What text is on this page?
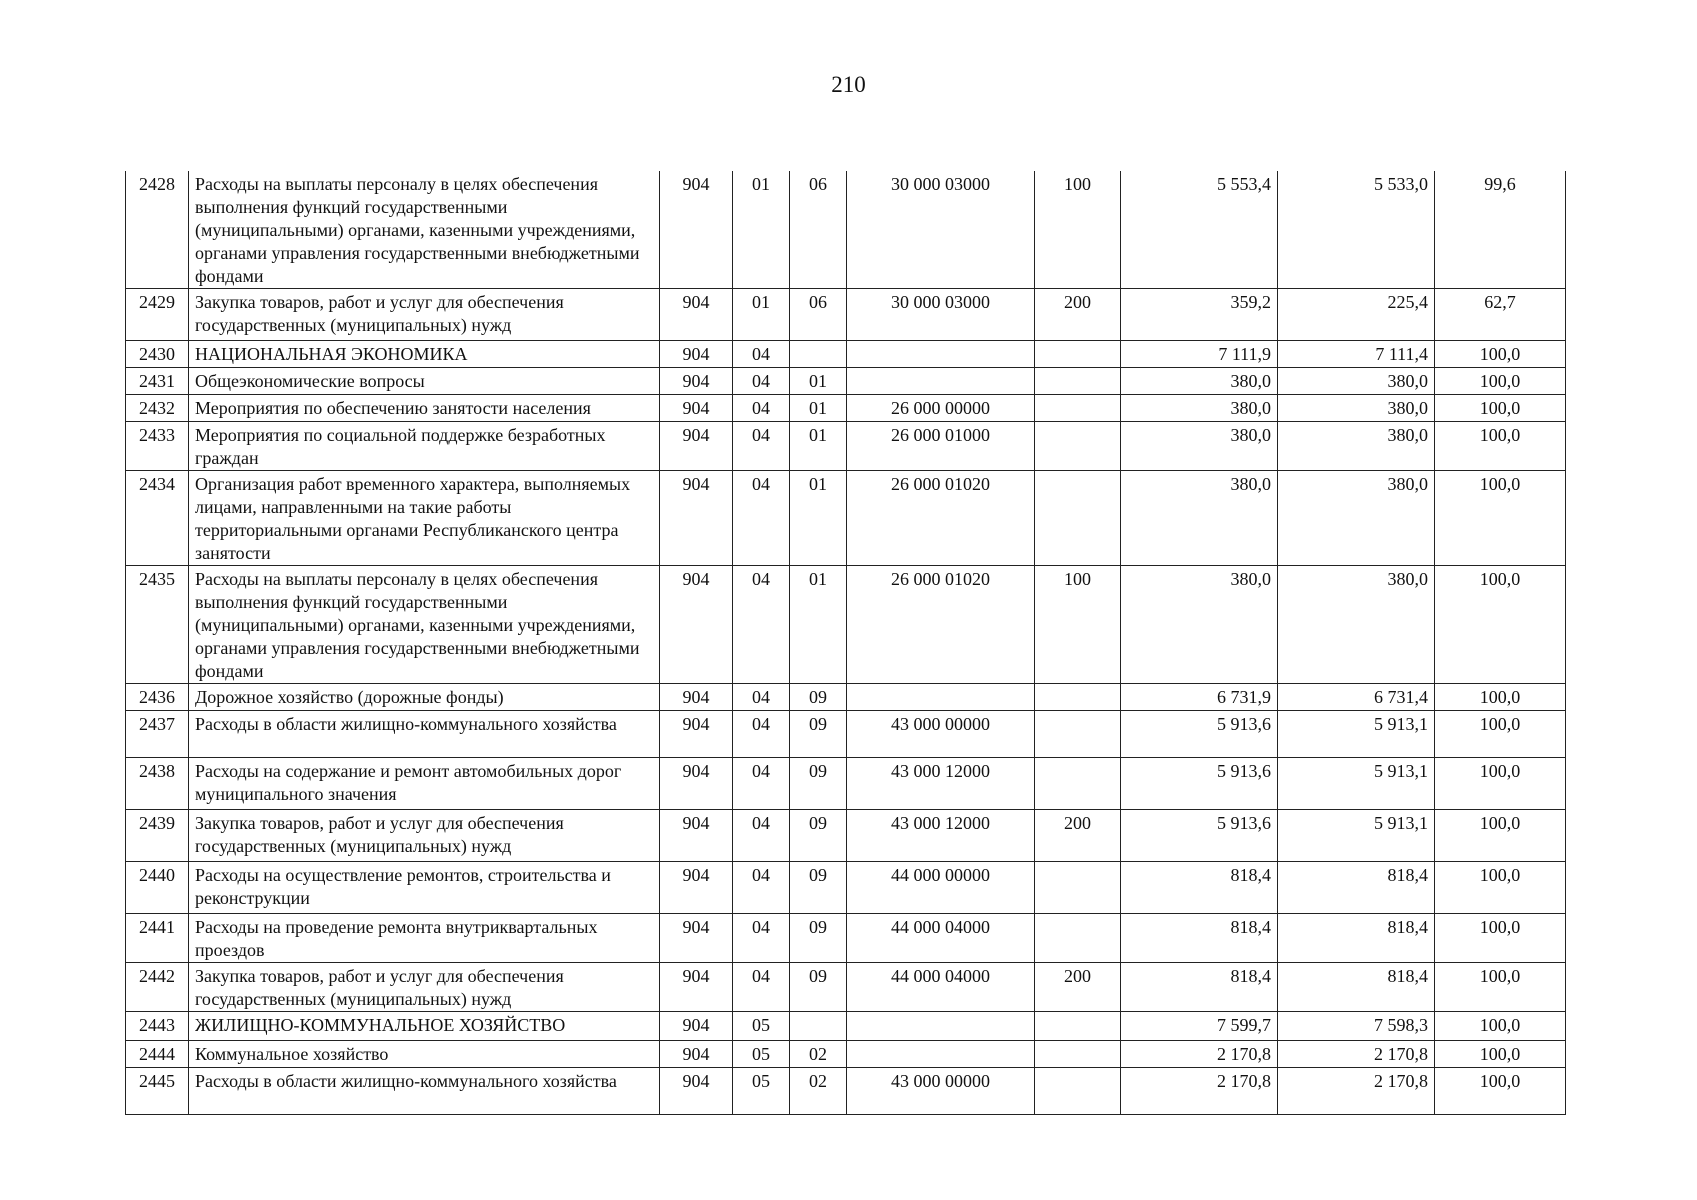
210
2428	Расходы на выплаты персоналу в целях обеспечения выполнения функций государственными (муниципальными) органами, казенными учреждениями, органами управления государственными внебюджетными фондами	904	01	06	30 000 03000	100	5 553,4	5 533,0	99,6
2429	Закупка товаров, работ и услуг для обеспечения государственных (муниципальных) нужд	904	01	06	30 000 03000	200	359,2	225,4	62,7
2430	НАЦИОНАЛЬНАЯ ЭКОНОМИКА	904	04				7 111,9	7 111,4	100,0
2431	Общеэкономические вопросы	904	04	01			380,0	380,0	100,0
2432	Мероприятия по обеспечению занятости населения	904	04	01	26 000 00000		380,0	380,0	100,0
2433	Мероприятия по социальной поддержке безработных граждан	904	04	01	26 000 01000		380,0	380,0	100,0
2434	Организация работ временного характера, выполняемых лицами, направленными на такие работы территориальными органами Республиканского центра занятости	904	04	01	26 000 01020		380,0	380,0	100,0
2435	Расходы на выплаты персоналу в целях обеспечения выполнения функций государственными (муниципальными) органами, казенными учреждениями, органами управления государственными внебюджетными фондами	904	04	01	26 000 01020	100	380,0	380,0	100,0
2436	Дорожное хозяйство (дорожные фонды)	904	04	09			6 731,9	6 731,4	100,0
2437	Расходы в области жилищно-коммунального хозяйства	904	04	09	43 000 00000		5 913,6	5 913,1	100,0
2438	Расходы на содержание и ремонт автомобильных дорог муниципального значения	904	04	09	43 000 12000		5 913,6	5 913,1	100,0
2439	Закупка товаров, работ и услуг для обеспечения государственных (муниципальных) нужд	904	04	09	43 000 12000	200	5 913,6	5 913,1	100,0
2440	Расходы на осуществление ремонтов, строительства и реконструкции	904	04	09	44 000 00000		818,4	818,4	100,0
2441	Расходы на проведение ремонта внутриквартальных проездов	904	04	09	44 000 04000		818,4	818,4	100,0
2442	Закупка товаров, работ и услуг для обеспечения государственных (муниципальных) нужд	904	04	09	44 000 04000	200	818,4	818,4	100,0
2443	ЖИЛИЩНО-КОММУНАЛЬНОЕ ХОЗЯЙСТВО	904	05				7 599,7	7 598,3	100,0
2444	Коммунальное хозяйство	904	05	02			2 170,8	2 170,8	100,0
2445	Расходы в области жилищно-коммунального хозяйства	904	05	02	43 000 00000		2 170,8	2 170,8	100,0
